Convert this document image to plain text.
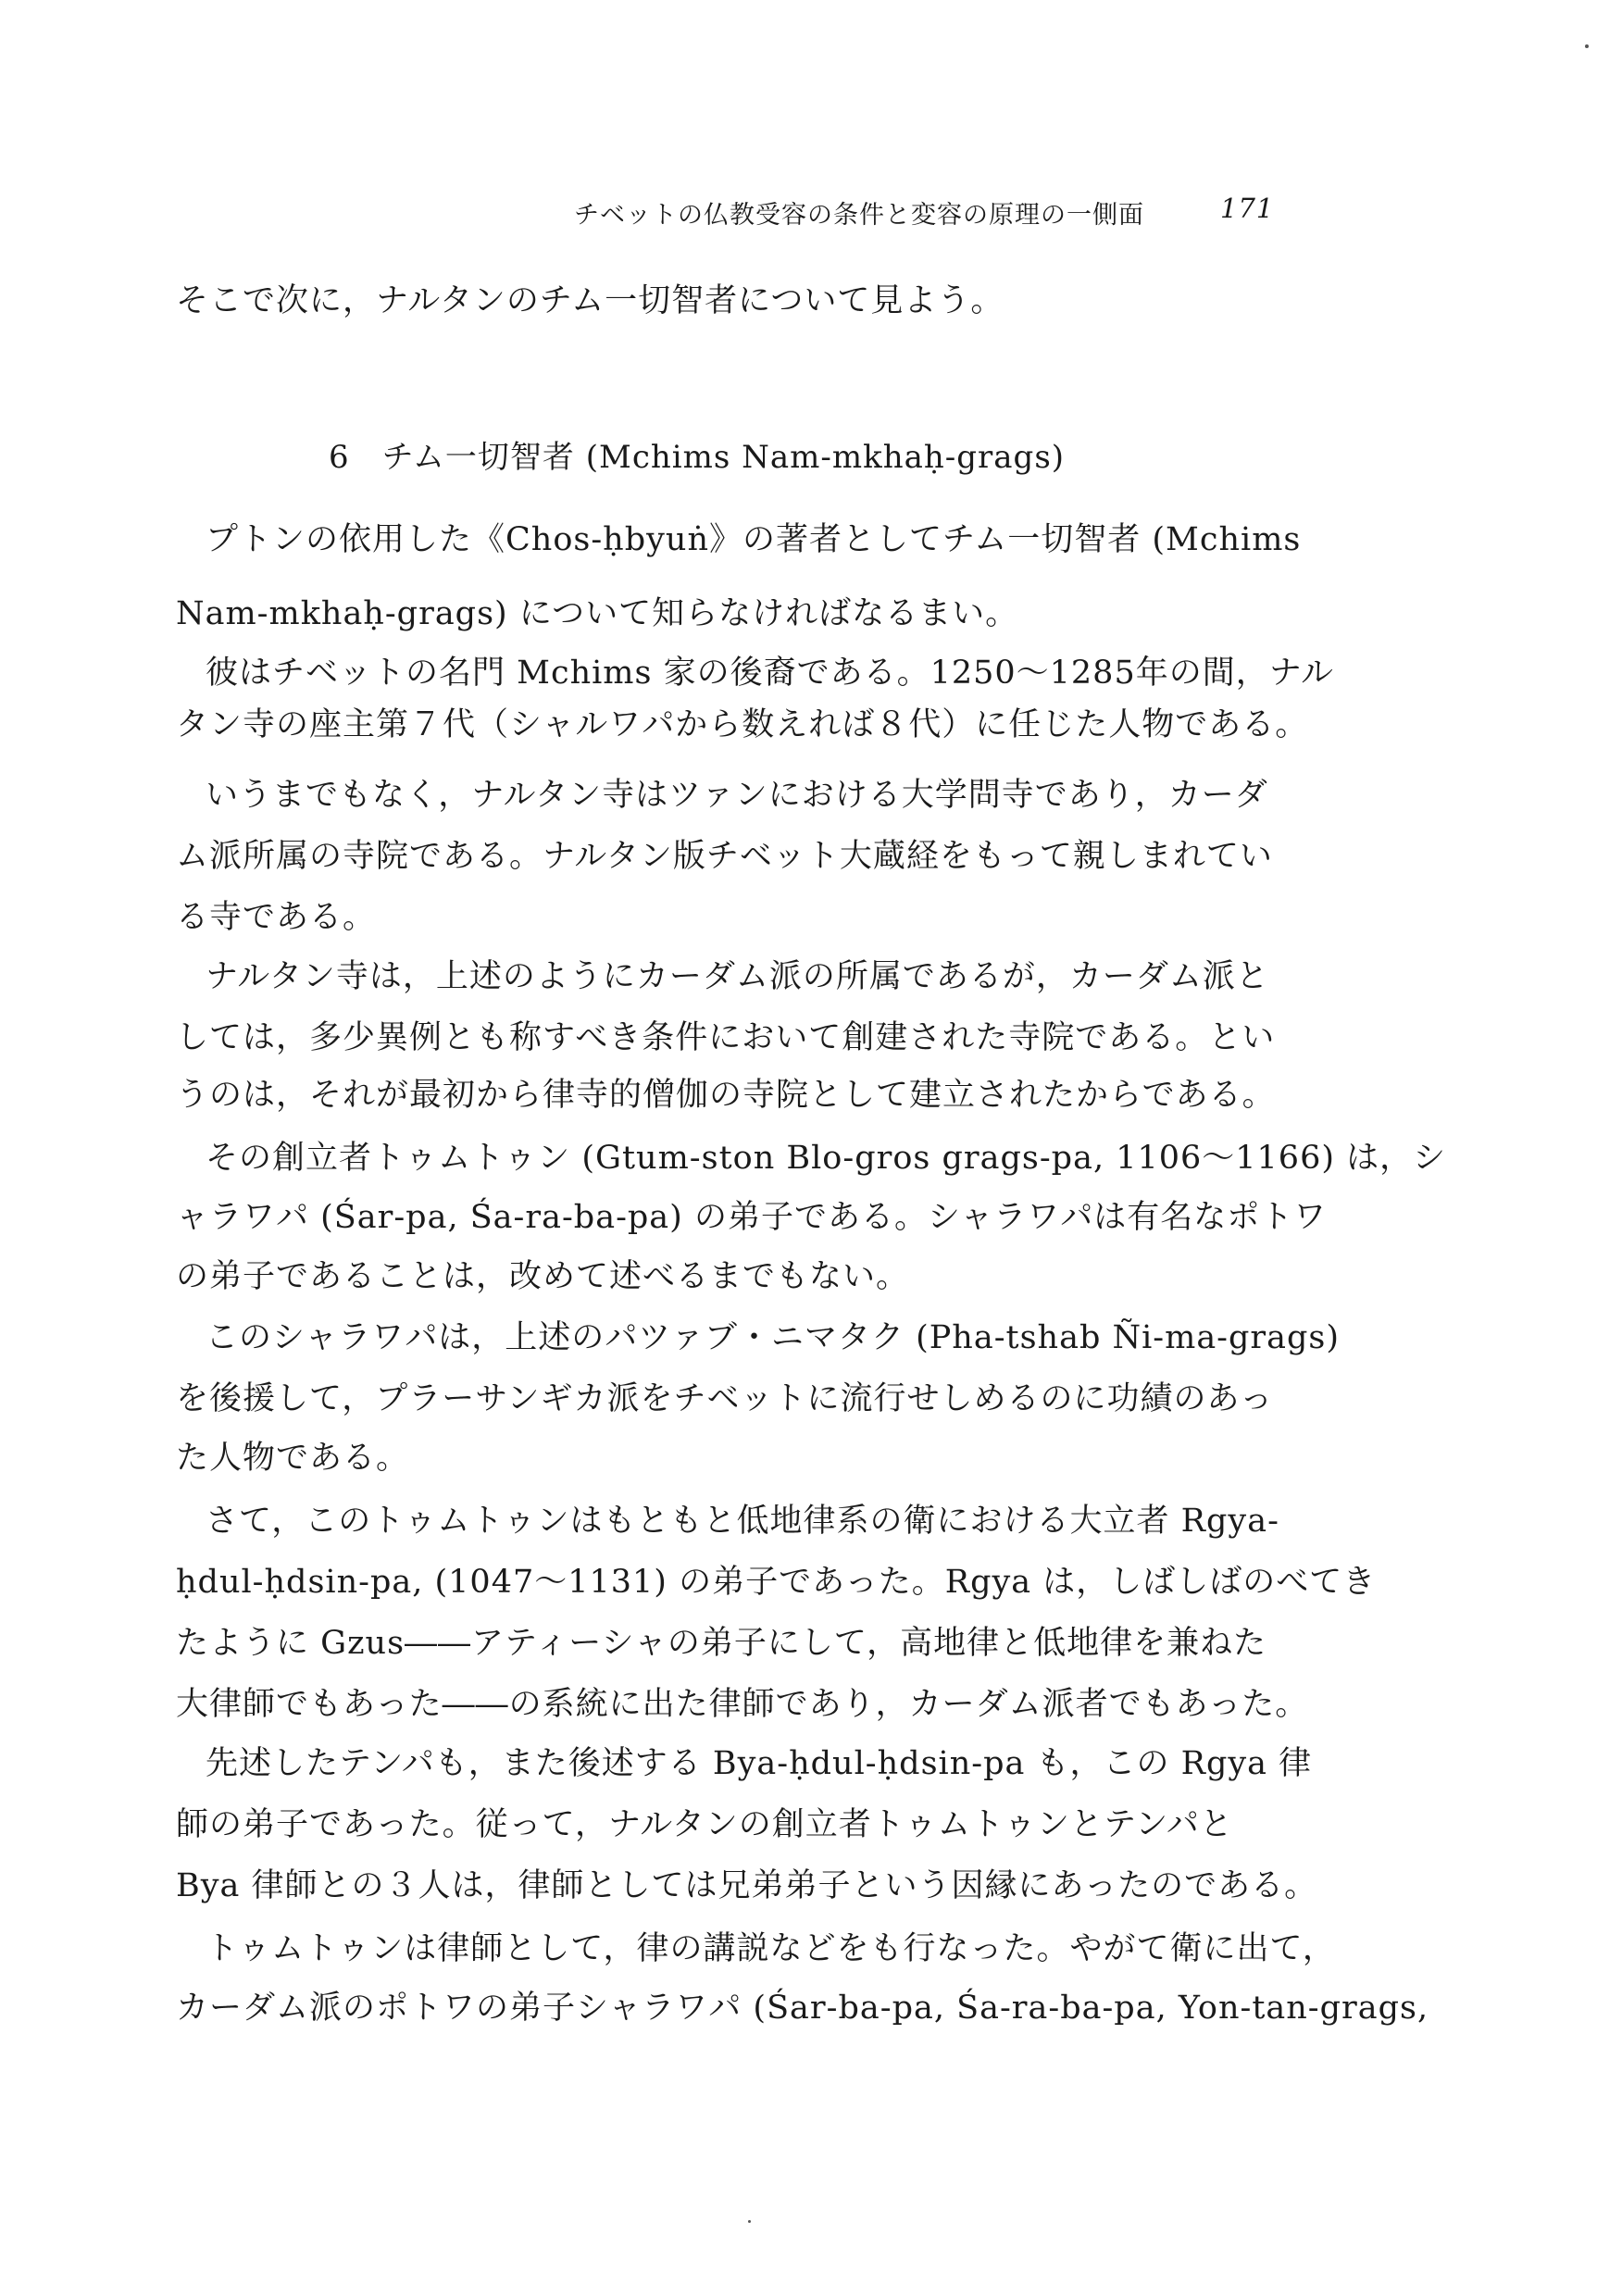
チベットの仏教受容の条件と変容の原理の一側面	171
そこで次に，ナルタンのチム一切智者について見よう。
6　チム一切智者 (Mchims Nam-mkhaḥ-grags)
プトンの依用した《Chos-ḥbyuṅ》の著者としてチム一切智者 (Mchims
Nam-mkhaḥ-grags) について知らなければなるまい。
彼はチベットの名門 Mchims 家の後裔である。1250〜1285年の間，ナル
タン寺の座主第７代（シャルワパから数えれば８代）に任じた人物である。
いうまでもなく，ナルタン寺はツァンにおける大学問寺であり，カーダ
ム派所属の寺院である。ナルタン版チベット大蔵経をもって親しまれてい
る寺である。
ナルタン寺は，上述のようにカーダム派の所属であるが，カーダム派と
しては，多少異例とも称すべき条件において創建された寺院である。とい
うのは，それが最初から律寺的僧伽の寺院として建立されたからである。
その創立者トゥムトゥン (Gtum-ston Blo-gros grags-pa, 1106〜1166) は，シ
ャラワパ (Śar-pa, Śa-ra-ba-pa) の弟子である。シャラワパは有名なポトワ
の弟子であることは，改めて述べるまでもない。
このシャラワパは，上述のパツァブ・ニマタク (Pha-tshab Ñi-ma-grags)
を後援して，プラーサンギカ派をチベットに流行せしめるのに功績のあっ
た人物である。
さて，このトゥムトゥンはもともと低地律系の衛における大立者 Rgya-
ḥdul-ḥdsin-pa, (1047〜1131) の弟子であった。Rgya は，しばしばのべてき
たように Gzus――アティーシャの弟子にして，高地律と低地律を兼ねた
大律師でもあった――の系統に出た律師であり，カーダム派者でもあった。
先述したテンパも，また後述する Bya-ḥdul-ḥdsin-pa も，この Rgya 律
師の弟子であった。従って，ナルタンの創立者トゥムトゥンとテンパと
Bya 律師との３人は，律師としては兄弟弟子という因縁にあったのである。
トゥムトゥンは律師として，律の講説などをも行なった。やがて衛に出て，
カーダム派のポトワの弟子シャラワパ (Śar-ba-pa, Śa-ra-ba-pa, Yon-tan-grags,
